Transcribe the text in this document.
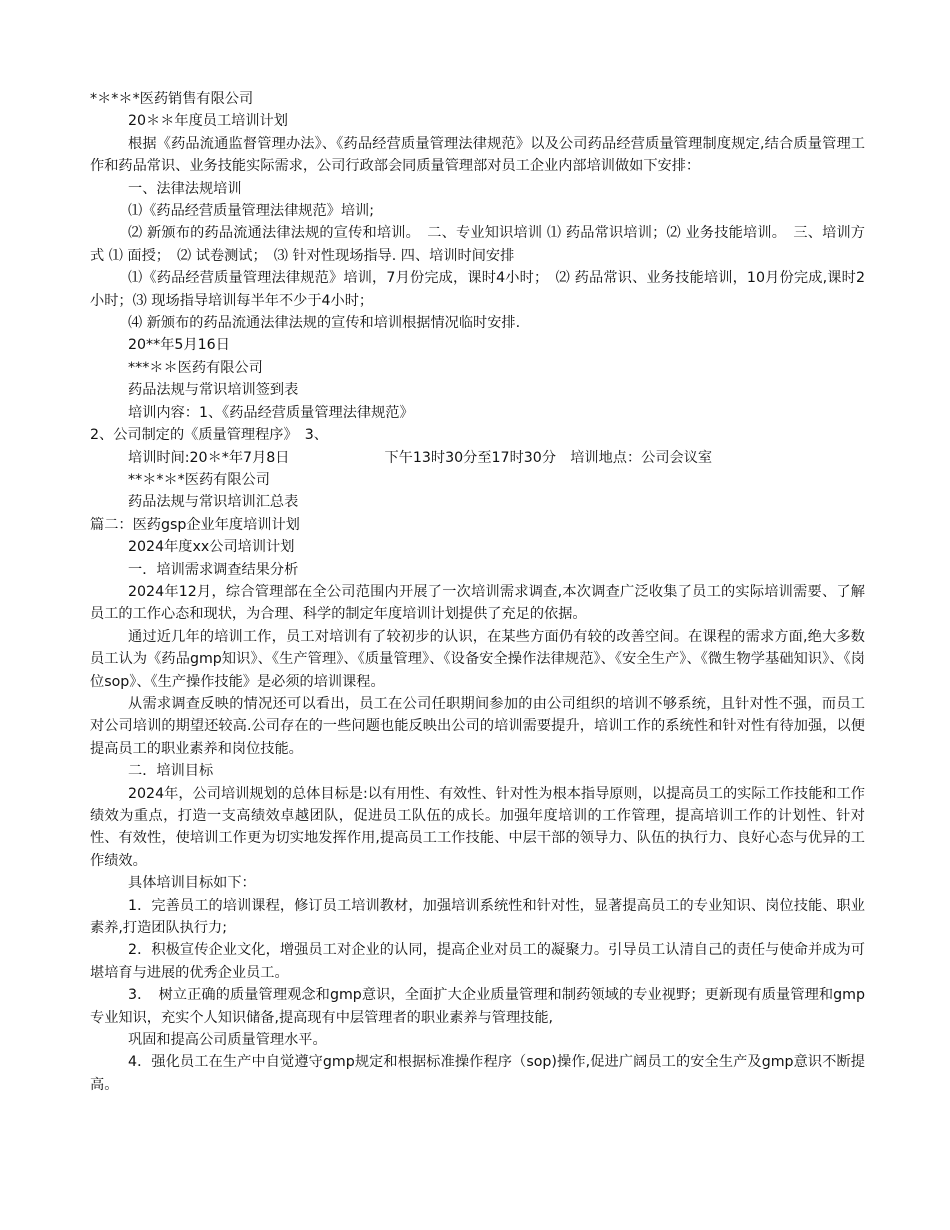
*＊*＊*医药销售有限公司
20＊＊年度员工培训计划
根据《药品流通监督管理办法》、《药品经营质量管理法律规范》以及公司药品经营质量管理制度规定,结合质量管理工作和药品常识、业务技能实际需求，公司行政部会同质量管理部对员工企业内部培训做如下安排：
一、法律法规培训
⑴《药品经营质量管理法律规范》培训;
⑵ 新颁布的药品流通法律法规的宣传和培训。　二、专业知识培训 ⑴ 药品常识培训；⑵ 业务技能培训。　三、培训方式 ⑴ 面授；　⑵ 试卷测试；　⑶ 针对性现场指导. 四、培训时间安排
⑴《药品经营质量管理法律规范》培训，7月份完成，课时4小时；　⑵ 药品常识、业务技能培训，10月份完成,课时2小时；⑶ 现场指导培训每半年不少于4小时；
⑷ 新颁布的药品流通法律法规的宣传和培训根据情况临时安排.
20**年5月16日
***＊＊医药有限公司
药品法规与常识培训签到表
培训内容：1、《药品经营质量管理法律规范》
2、公司制定的《质量管理程序》　3、
培训时间:20＊*年7月8日	下午13时30分至17时30分　培训地点：公司会议室
**＊*＊*医药有限公司
药品法规与常识培训汇总表
篇二：医药gsp企业年度培训计划
2024年度xx公司培训计划
一．培训需求调查结果分析
2024年12月，综合管理部在全公司范围内开展了一次培训需求调查,本次调查广泛收集了员工的实际培训需要、了解员工的工作心态和现状，为合理、科学的制定年度培训计划提供了充足的依据。
通过近几年的培训工作，员工对培训有了较初步的认识，在某些方面仍有较的改善空间。在课程的需求方面,绝大多数员工认为《药品gmp知识》、《生产管理》、《质量管理》、《设备安全操作法律规范》、《安全生产》、《微生物学基础知识》、《岗位sop》、《生产操作技能》是必须的培训课程。
从需求调查反映的情况还可以看出，员工在公司任职期间参加的由公司组织的培训不够系统，且针对性不强，而员工对公司培训的期望还较高.公司存在的一些问题也能反映出公司的培训需要提升，培训工作的系统性和针对性有待加强，以便提高员工的职业素养和岗位技能。
二．培训目标
2024年，公司培训规划的总体目标是:以有用性、有效性、针对性为根本指导原则，以提高员工的实际工作技能和工作绩效为重点，打造一支高绩效卓越团队，促进员工队伍的成长。加强年度培训的工作管理，提高培训工作的计划性、针对性、有效性，使培训工作更为切实地发挥作用,提高员工工作技能、中层干部的领导力、队伍的执行力、良好心态与优异的工作绩效。
具体培训目标如下：
1．完善员工的培训课程，修订员工培训教材，加强培训系统性和针对性，显著提高员工的专业知识、岗位技能、职业素养,打造团队执行力;
2．积极宣传企业文化，增强员工对企业的认同，提高企业对员工的凝聚力。引导员工认清自己的责任与使命并成为可堪培育与进展的优秀企业员工。
3．　树立正确的质量管理观念和gmp意识，全面扩大企业质量管理和制药领域的专业视野；更新现有质量管理和gmp专业知识，充实个人知识储备,提高现有中层管理者的职业素养与管理技能,
巩固和提高公司质量管理水平。
4．强化员工在生产中自觉遵守gmp规定和根据标准操作程序（sop)操作,促进广阔员工的安全生产及gmp意识不断提高。
